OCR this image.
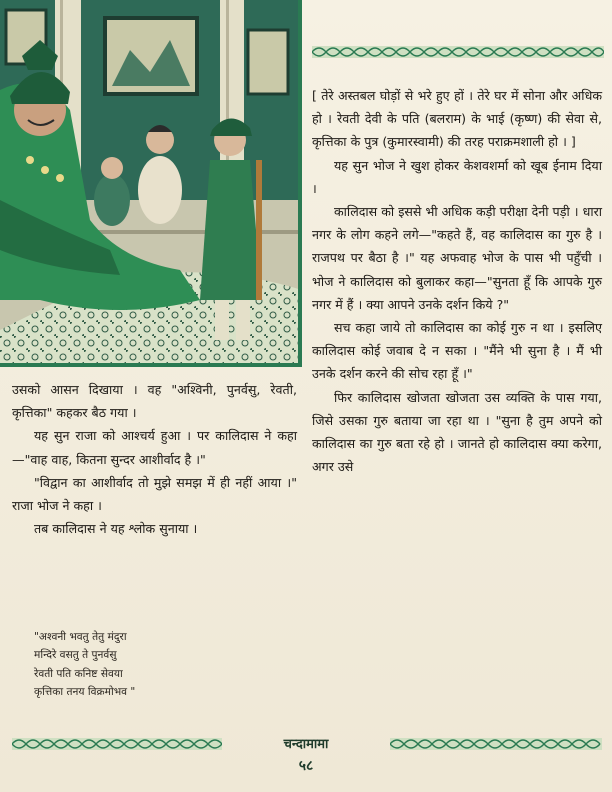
[ तेरे अस्तबल घोड़ों से भरे हुए हों । तेरे घर में सोना और अधिक हो । रेवती देवी के पति (बलराम) के भाई (कृष्ण) की सेवा से, कृत्तिका के पुत्र (कुमारस्वामी) की तरह पराक्रमशाली हो । ]

यह सुन भोज ने खुश होकर केशवशर्मा को खूब ईनाम दिया ।

कालिदास को इससे भी अधिक कड़ी परीक्षा देनी पड़ी । धारा नगर के लोग कहने लगे—"कहते हैं, वह कालिदास का गुरु है । राजपथ पर बैठा है ।" यह अफवाह भोज के पास भी पहुँची । भोज ने कालिदास को बुलाकर कहा—"सुनता हूँ कि आपके गुरु नगर में हैं । क्या आपने उनके दर्शन किये ?"

सच कहा जाये तो कालिदास का कोई गुरु न था । इसलिए कालिदास कोई जवाब दे न सका । "मैंने भी सुना है । मैं भी उनके दर्शन करने की सोच रहा हूँ ।"

फिर कालिदास खोजता खोजता उस व्यक्ति के पास गया, जिसे उसका गुरु बताया जा रहा था । "सुना है तुम अपने को कालिदास का गुरु बता रहे हो । जानते हो कालिदास क्या करेगा, अगर उसे

उसको आसन दिखाया । वह "अश्विनी, पुनर्वसु, रेवती, कृत्तिका" कहकर बैठ गया ।

यह सुन राजा को आश्चर्य हुआ । पर कालिदास ने कहा—"वाह वाह, कितना सुन्दर आशीर्वाद है ।"

"विद्वान का आशीर्वाद तो मुझे समझ में ही नहीं आया ।" राजा भोज ने कहा ।

तब कालिदास ने यह श्लोक सुनाया ।

"अश्वनी भवतु तेतु मंदुरा
मन्दिरे वसतु ते पुनर्वसु
रेवती पति कनिष्ट सेवया
कृत्तिका तनय विक्रमोभव "
चन्दामामा
५८
